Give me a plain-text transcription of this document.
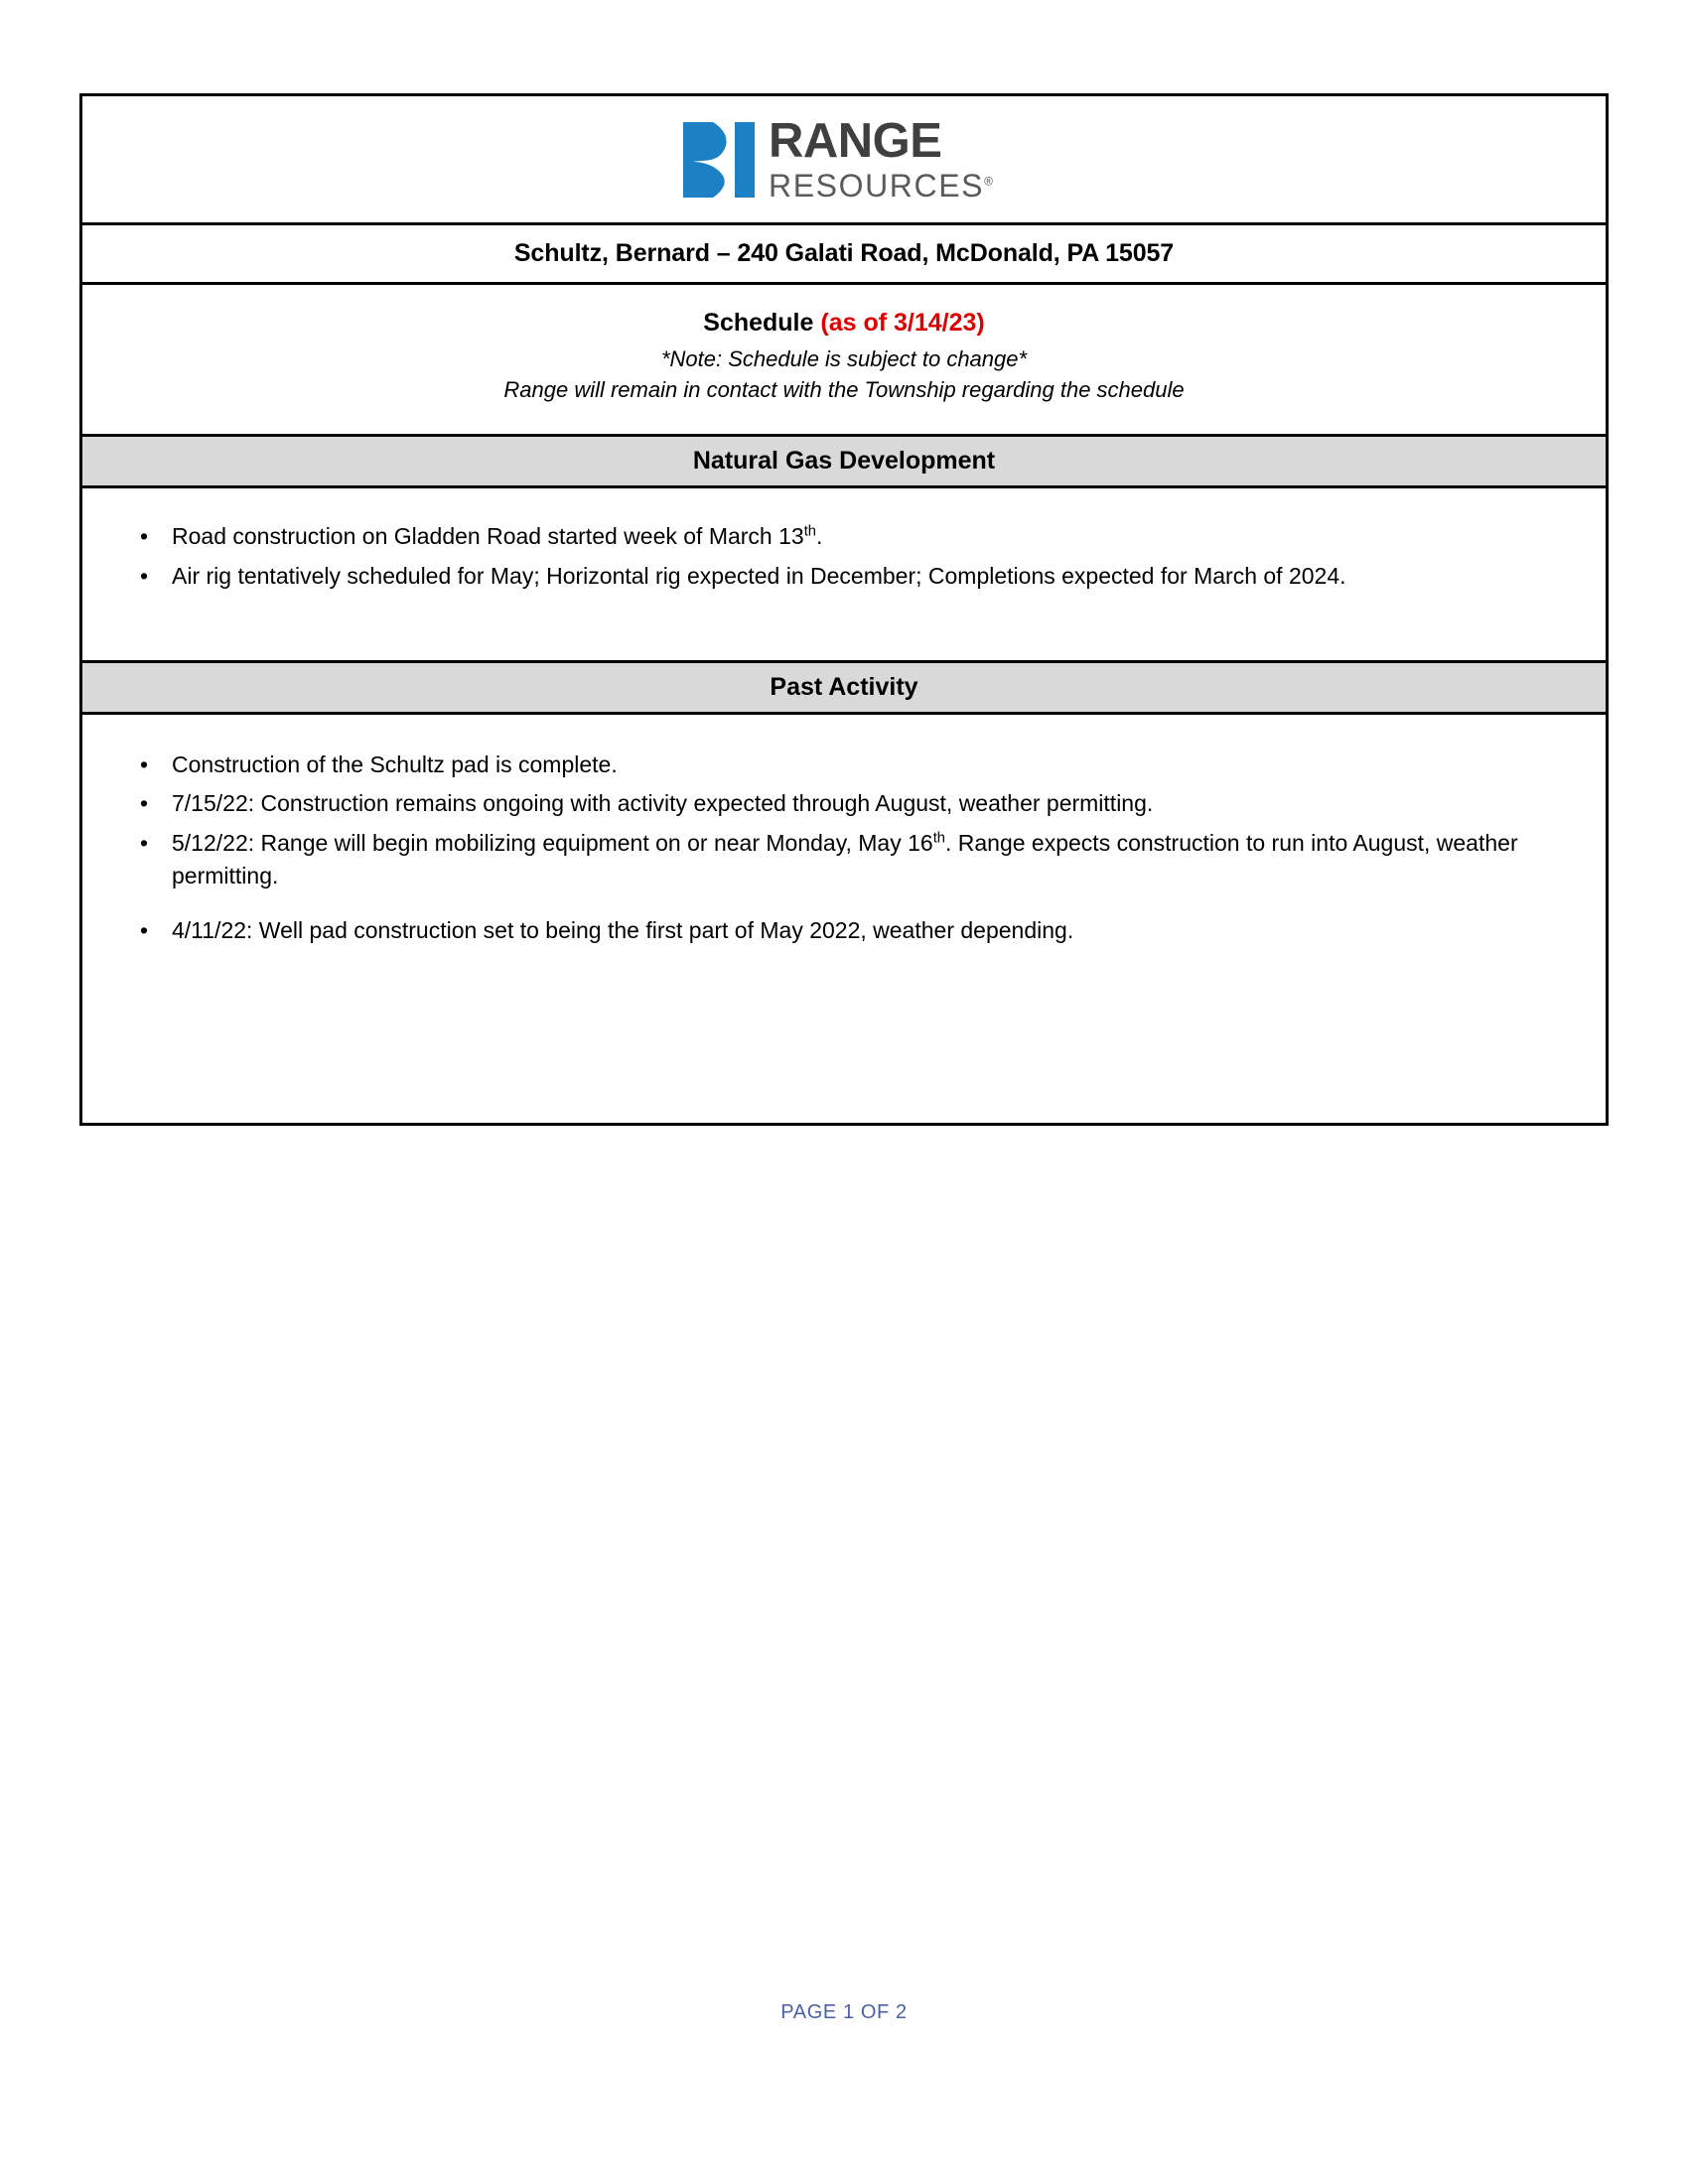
RANGE
RESOURCES®
Schultz, Bernard – 240 Galati Road, McDonald, PA 15057
Schedule (as of 3/14/23)
*Note: Schedule is subject to change*
Range will remain in contact with the Township regarding the schedule
Natural Gas Development
• Road construction on Gladden Road started week of March 13th.
• Air rig tentatively scheduled for May; Horizontal rig expected in December; Completions expected for March of 2024.
Past Activity
• Construction of the Schultz pad is complete.
• 7/15/22: Construction remains ongoing with activity expected through August, weather permitting.
• 5/12/22: Range will begin mobilizing equipment on or near Monday, May 16th. Range expects construction to run into August, weather permitting.
• 4/11/22: Well pad construction set to being the first part of May 2022, weather depending.
PAGE 1 OF 2
